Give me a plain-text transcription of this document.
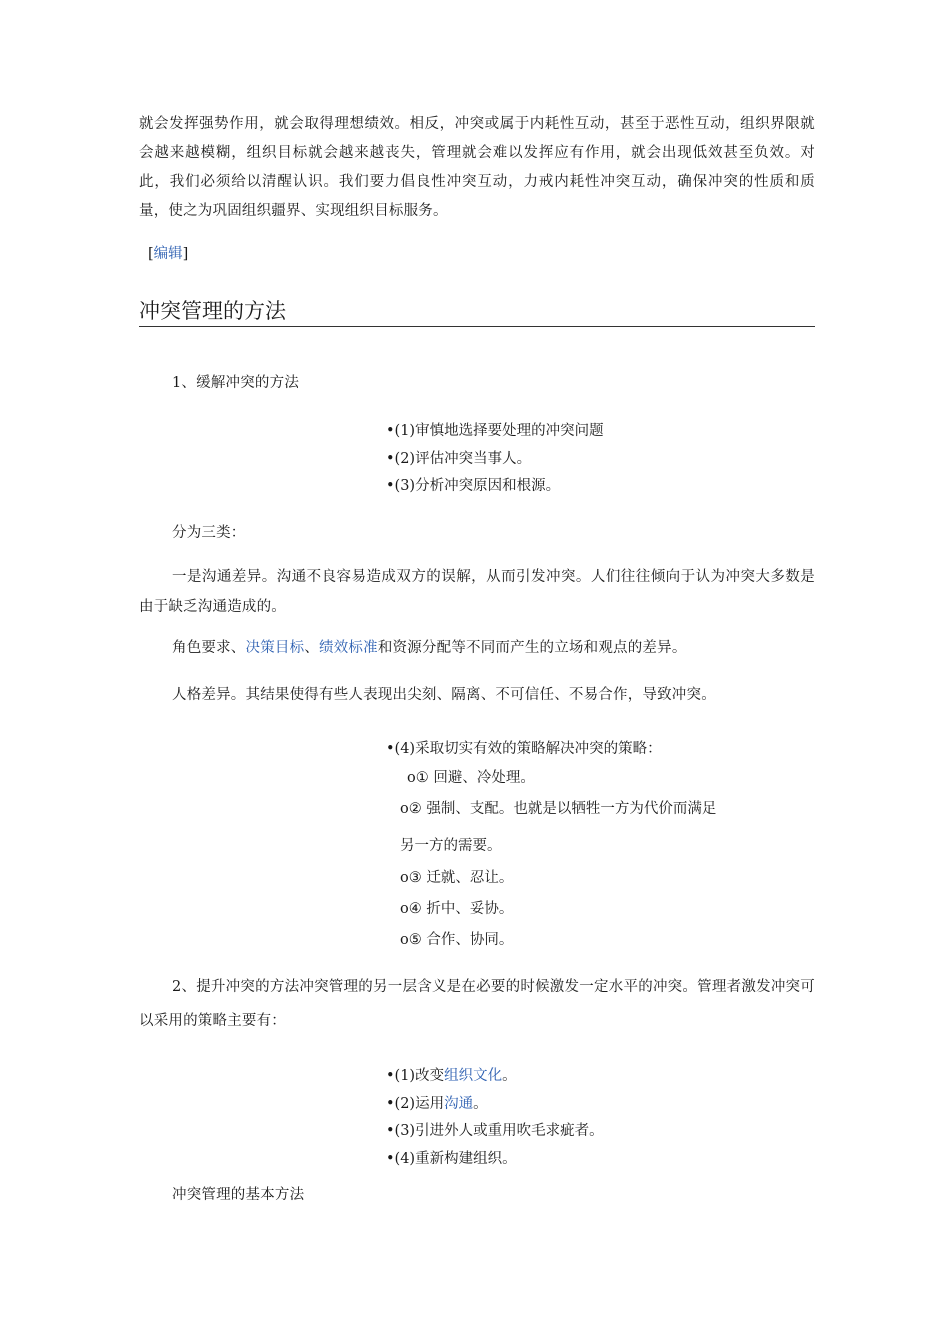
就会发挥强势作用，就会取得理想绩效。相反，冲突或属于内耗性互动，甚至于恶性互动，组织界限就会越来越模糊，组织目标就会越来越丧失，管理就会难以发挥应有作用，就会出现低效甚至负效。对此，我们必须给以清醒认识。我们要力倡良性冲突互动，力戒内耗性冲突互动，确保冲突的性质和质量，使之为巩固组织疆界、实现组织目标服务。

[编辑]
冲突管理的方法

1、缓解冲突的方法

•(1)审慎地选择要处理的冲突问题
•(2)评估冲突当事人。
•(3)分析冲突原因和根源。

分为三类：

一是沟通差异。沟通不良容易造成双方的误解，从而引发冲突。人们往往倾向于认为冲突大多数是由于缺乏沟通造成的。

角色要求、决策目标、绩效标准和资源分配等不同而产生的立场和观点的差异。

人格差异。其结果使得有些人表现出尖刻、隔离、不可信任、不易合作，导致冲突。

•(4)采取切实有效的策略解决冲突的策略：

o① 回避、冷处理。

o② 强制、支配。也就是以牺牲一方为代价而满足

另一方的需要。

o③ 迁就、忍让。

o④ 折中、妥协。

o⑤ 合作、协同。

2、提升冲突的方法冲突管理的另一层含义是在必要的时候激发一定水平的冲突。管理者激发冲突可以采用的策略主要有：

•(1)改变组织文化。
•(2)运用沟通。
•(3)引进外人或重用吹毛求疵者。
•(4)重新构建组织。

冲突管理的基本方法
